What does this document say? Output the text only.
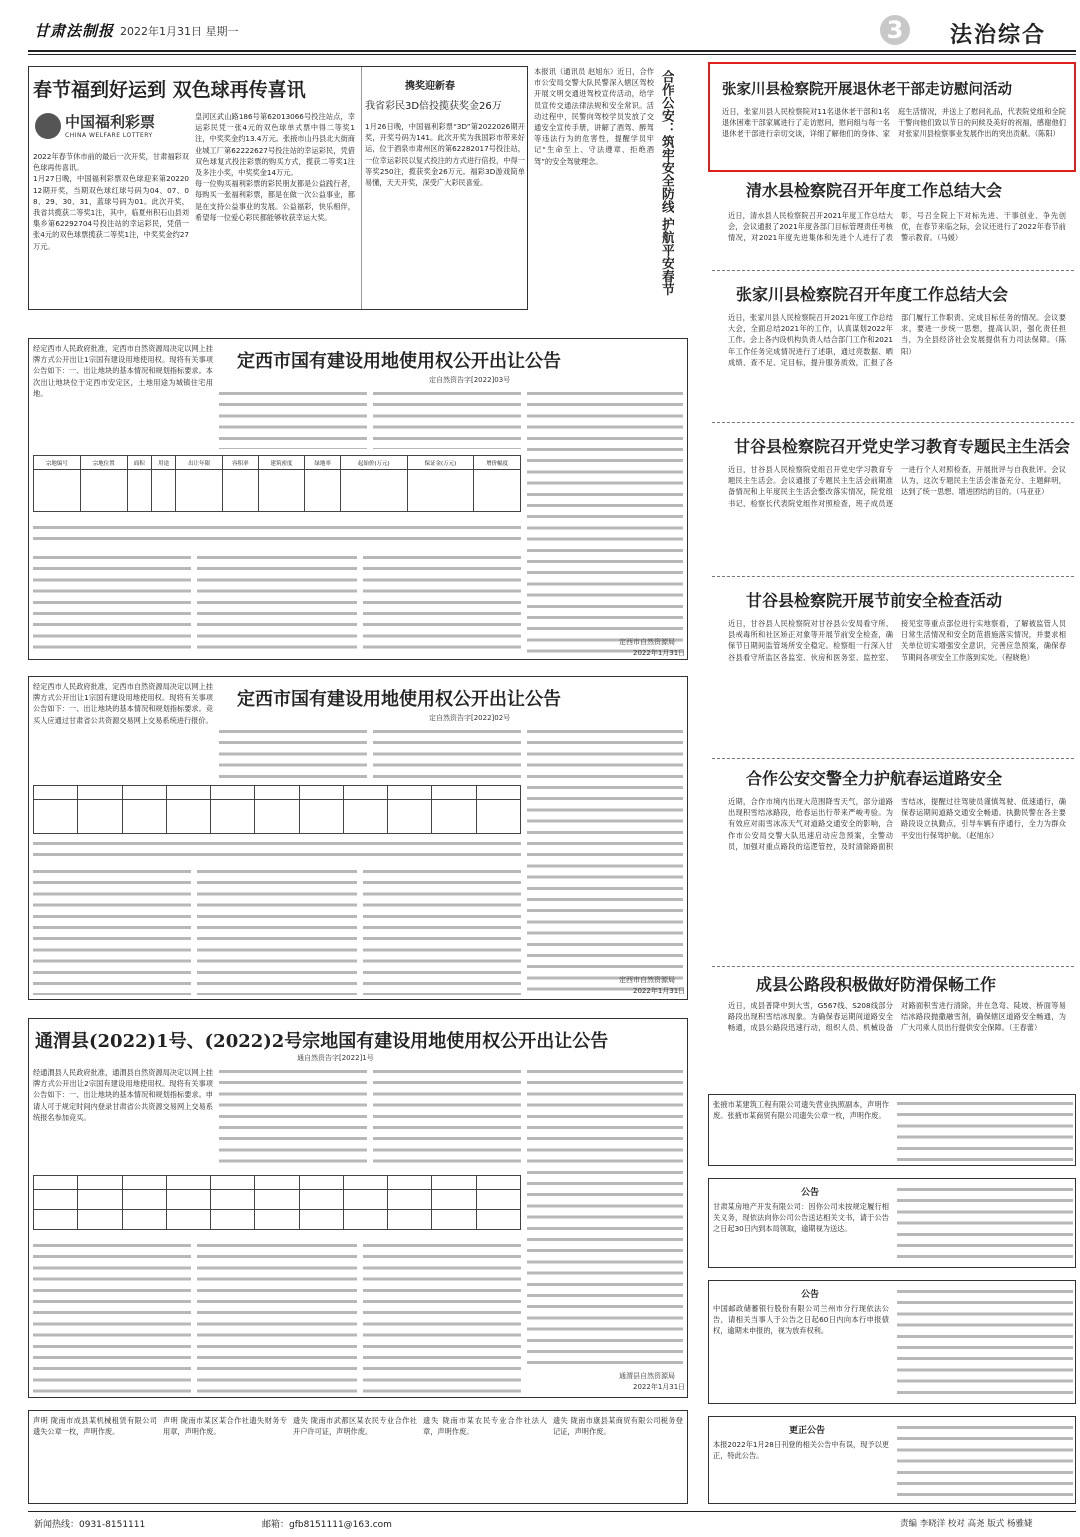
甘肃法制报 2022年1月31日 星期一	3	法治综合
春节福到好运到 双色球再传喜讯
中国福利彩票
CHINA WELFARE LOTTERY

2022年春节休市前的最后一次开奖，甘肃福彩双色球再传喜讯。

1月27日晚，中国福利彩票双色球迎来第2022012期开奖，当期双色球红球号码为04、07、08、29、30、31，蓝球号码为01。此次开奖，我省共揽获二等奖1注，其中，临夏州积石山县刘集乡第62292704号投注站的幸运彩民，凭借一张4元的双色球票揽获二等奖1注，中奖奖金约27万元。

皇河区武山路186号第62013066号投注站点，幸运彩民凭一张4元的双色球单式票中得二等奖1注，中奖奖金约13.4万元。张掖市山丹县北大街商业城工厂第62222627号投注站的幸运彩民，凭借双色球复式投注彩票的购买方式，揽获二等奖1注及多注小奖，中奖奖金14万元。

每一位购买福利彩票的彩民朋友都是公益践行者，每购买一张福利彩票，都是在做一次公益事业，都是在支持公益事业的发展。公益福彩，快乐相伴，希望每一位爱心彩民都能够收获幸运大奖。

携奖迎新春
我省彩民3D倍投揽获奖金26万
1月26日晚，中国福利彩票“3D”第2022026期开奖，开奖号码为141。此次开奖为我国彩市带来好运，位于酒泉市肃州区的第62282017号投注站，一位幸运彩民以复式投注的方式进行倍投，中得一等奖250注，揽获奖金26万元。福彩3D游戏简单易懂，天天开奖，深受广大彩民喜爱。
本报讯（通讯员 赵旭东）近日，合作市公安局交警大队民警深入辖区驾校开展文明交通进驾校宣传活动，给学员宣传交通法律法规和安全常识。活动过程中，民警向驾校学员发放了交通安全宣传手册，讲解了酒驾、醉驾等违法行为的危害性，提醒学员牢记“生命至上、守法遵章、拒绝酒驾”的安全驾驶理念。	合作公安：筑牢安全防线 护航平安春节	张家川县检察院开展退休老干部走访慰问活动
近日，张家川县人民检察院对11名退休老干部和1名退休困难干部家属进行了走访慰问，慰问组与每一名退休老干部进行亲切交谈，详细了解他们的身体、家庭生活情况，并送上了慰问礼品，代表院党组和全院干警向他们致以节日的问候及美好的祝福，感谢他们对张家川县检察事业发展作出的突出贡献。（陈阳）
清水县检察院召开年度工作总结大会
近日，清水县人民检察院召开2021年度工作总结大会，会议通报了2021年度各部门目标管理责任考核情况，对2021年度先进集体和先进个人进行了表彰，号召全院上下对标先进、干事创业、争先创优，在春节来临之际，会议还进行了2022年春节前警示教育。（马媛）
张家川县检察院召开年度工作总结大会
近日，张家川县人民检察院召开2021年度工作总结大会，全面总结2021年的工作，认真谋划2022年工作。会上各内设机构负责人结合部门工作和2021年工作任务完成情况进行了述职，通过亮数据、晒成绩、查不足、定目标，提升服务质效，汇报了各部门履行工作职责、完成目标任务的情况。会议要求，要进一步统一思想，提高认识，强化责任担当，为全县经济社会发展提供有力司法保障。（陈阳）
甘谷县检察院召开党史学习教育专题民主生活会
近日，甘谷县人民检察院党组召开党史学习教育专题民主生活会。会议通报了专题民主生活会前期准备情况和上年度民主生活会整改落实情况，院党组书记、检察长代表院党组作对照检查，班子成员逐一进行个人对照检查，开展批评与自我批评。会议认为，这次专题民主生活会准备充分、主题鲜明，达到了统一思想、增进团结的目的。（马亚亚）
甘谷县检察院开展节前安全检查活动
近日，甘谷县人民检察院对甘谷县公安局看守所、县戒毒所和社区矫正对象等开展节前安全检查，确保节日期间监管场所安全稳定。检察组一行深入甘谷县看守所监区各监室、伙房和医务室、监控室、接见室等重点部位进行实地察看，了解被监管人员日常生活情况和安全防范措施落实情况，并要求相关单位切实增强安全意识，完善应急预案，确保春节期间各项安全工作落到实处。（程晓艳）
合作公安交警全力护航春运道路安全
近期，合作市境内出现大范围降雪天气，部分道路出现积雪结冰路段，给春运出行带来严峻考验。为有效应对雨雪冰冻天气对道路交通安全的影响，合作市公安局交警大队迅速启动应急预案，全警动员，加强对重点路段的巡逻管控，及时清除路面积雪结冰，提醒过往驾驶员谨慎驾驶、低速通行，确保春运期间道路交通安全畅通。执勤民警在各主要路段设立执勤点，引导车辆有序通行，全力为群众平安出行保驾护航。（赵旭东）
成县公路段积极做好防滑保畅工作
近日，成县普降中到大雪，G567线、S208线部分路段出现积雪结冰现象。为确保春运期间道路安全畅通，成县公路段迅速行动，组织人员、机械设备对路面积雪进行清除，并在急弯、陡坡、桥面等易结冰路段抛撒融雪剂，确保辖区道路安全畅通，为广大司乘人员出行提供安全保障。（王春蕾）
经定西市人民政府批准，定西市自然资源局决定以网上挂牌方式公开出让1宗国有建设用地使用权。现将有关事项公告如下：一、出让地块的基本情况和规划指标要求。本次出让地块位于定西市安定区，土地用途为城镇住宅用地。
定西市国有建设用地使用权公开出让公告
定自然资告字[2022]03号
宗地编号	宗地位置	面积	用途	出让年限	容积率	建筑密度	绿地率	起始价(万元)	保证金(万元)	增价幅度

定西市自然资源局
2022年1月31日
经定西市人民政府批准，定西市自然资源局决定以网上挂牌方式公开出让1宗国有建设用地使用权。现将有关事项公告如下：一、出让地块的基本情况和规划指标要求。竞买人应通过甘肃省公共资源交易网上交易系统进行报价。
定西市国有建设用地使用权公开出让公告
定自然资告字[2022]02号

定西市自然资源局
2022年1月31日
通渭县(2022)1号、(2022)2号宗地国有建设用地使用权公开出让公告
通自然资告字[2022]1号
经通渭县人民政府批准，通渭县自然资源局决定以网上挂牌方式公开出让2宗国有建设用地使用权。现将有关事项公告如下：一、出让地块的基本情况和规划指标要求。申请人可于规定时间内登录甘肃省公共资源交易网上交易系统报名参加竞买。

通渭县自然资源局
2022年1月31日
张掖市某建筑工程有限公司遗失营业执照副本，声明作废。张掖市某商贸有限公司遗失公章一枚，声明作废。
公告
甘肃某房地产开发有限公司：因你公司未按规定履行相关义务，现依法向你公司公告送达相关文书，请于公告之日起30日内到本局领取，逾期视为送达。
公告
中国邮政储蓄银行股份有限公司兰州市分行现依法公告，请相关当事人于公告之日起60日内向本行申报债权，逾期未申报的，视为放弃权利。
更正公告
本报2022年1月28日刊登的相关公告中有误，现予以更正，特此公告。
声明 陇南市成县某机械租赁有限公司遗失公章一枚，声明作废。
声明 陇南市某区某合作社遗失财务专用章，声明作废。
遗失 陇南市武都区某农民专业合作社开户许可证，声明作废。
遗失 陇南市某农民专业合作社法人章，声明作废。
遗失 陇南市康县某商贸有限公司税务登记证，声明作废。
新闻热线：0931-8151111	邮箱：gfb8151111@163.com	责编 李晓洋 校对 高尧 版式 杨雅婕
